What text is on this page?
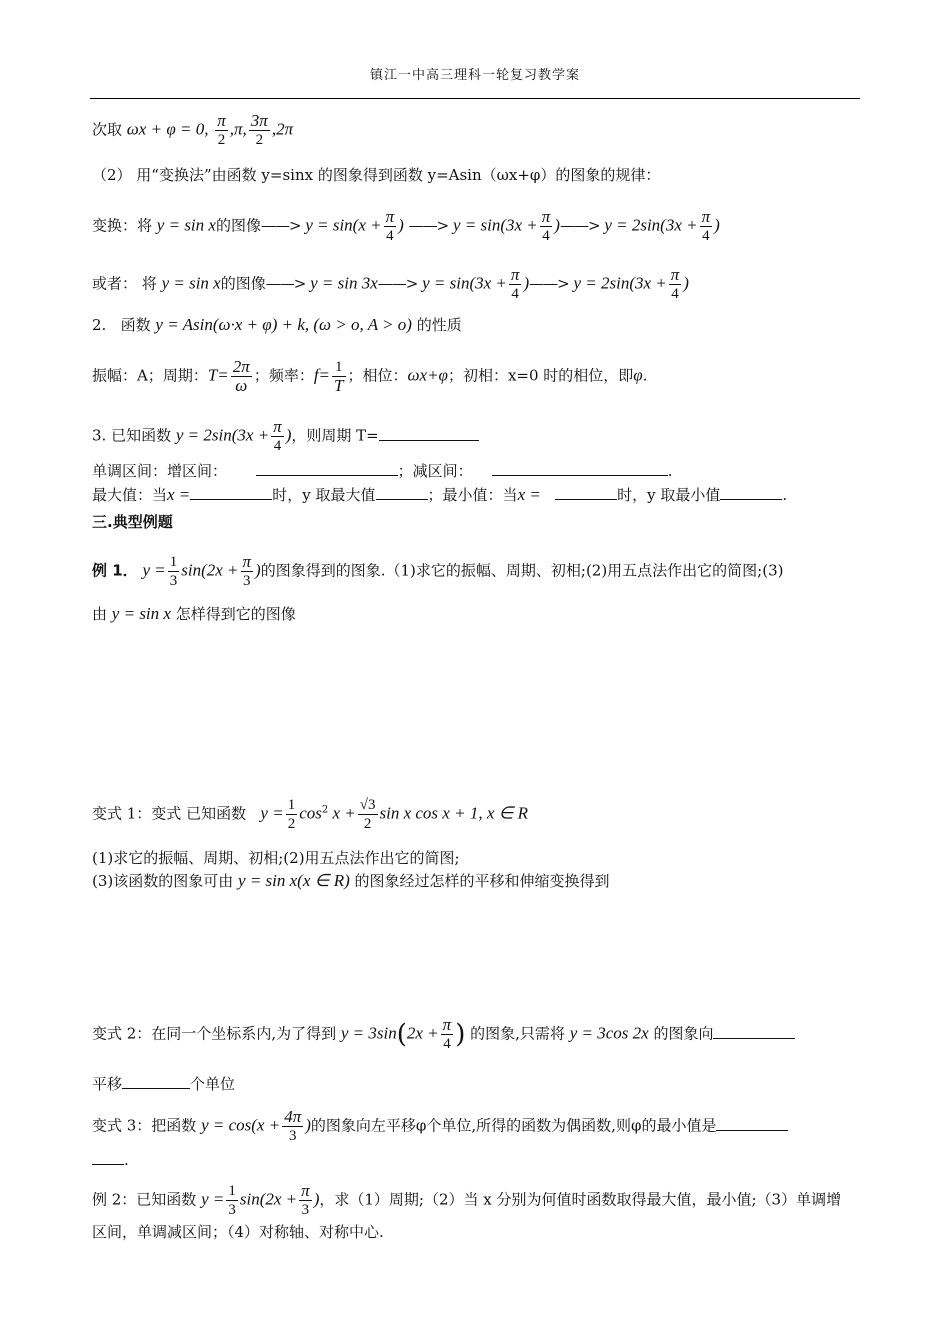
镇江一中高三理科一轮复习教学案
次取 ωx + φ = 0, $\frac{\pi}{2} ,\pi$, $\frac{3\pi}{2} ,2\pi$
（2） 用“变换法”由函数 y=sinx 的图象得到函数 y=Asin（ωx+φ）的图象的规律：
变换：将 y = sin x的图像——> $y = \sin(x + \frac{\pi}{4}$ ) ——> $y = \sin(3x + \frac{\pi}{4}$ )——> $y = 2\sin(3x + \frac{\pi}{4}$ )
或者： 将 y = sin x的图像——> y = sin 3x——> $y = \sin(3x + \frac{\pi}{4}$ )——> $y = 2\sin(3x + \frac{\pi}{4}$ )
2. 函数 y = Asin(ω·x + φ) + k, (ω > o, A > o) 的性质
振幅：A；周期：$T= \frac{2\pi}{\omega}$ ；频率：$f= \frac{1}{T}$ ；相位：ωx+φ；初相：x=0 时的相位，即φ.
3. 已知函数 $y = 2\sin(3x + \frac{\pi}{4}$ )，则周期 T=
单调区间：增区间：	；减区间：	.
最大值：当x =	时，y 取最大值	；最小值：当x =	时，y 取最小值	.
三.典型例题
例 1． $y = \frac{1}{3} \sin(2x + \frac{\pi}{3}$ )的图象得到的图象.（1)求它的振幅、周期、初相;(2)用五点法作出它的简图;(3)
由 y = sin x 怎样得到它的图像
变式 1：变式 已知函数 $y = \frac{1}{2} \cos^2 x + \frac{√3}{2}$ sin x cos x + 1, x ∈ R
(1)求它的振幅、周期、初相;(2)用五点法作出它的简图;
(3)该函数的图象可由 y = sin x(x ∈ R) 的图象经过怎样的平移和伸缩变换得到
变式 2：在同一个坐标系内,为了得到 $y = 3\sin(2x + \frac{\pi}{4}$ ) 的图象,只需将 y = 3cos 2x 的图象向
平移	个单位
变式 3：把函数 $y = \cos(x + \frac{4\pi}{3}$ )的图象向左平移φ个单位,所得的函数为偶函数,则φ的最小值是
.
例 2：已知函数 $y = \frac{1}{3} \sin(2x + \frac{\pi}{3}$ )，求（1）周期;（2）当 x 分别为何值时函数取得最大值，最小值;（3）单调增
区间，单调减区间；（4）对称轴、对称中心.
